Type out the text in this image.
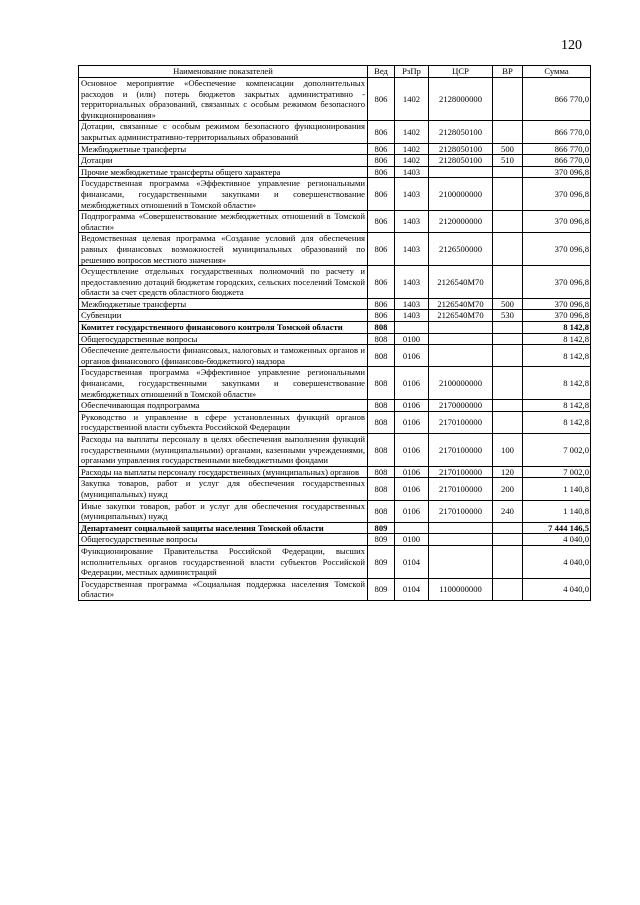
120
Наименование показателей	Вед	РзПр	ЦСР	ВР	Сумма
Основное мероприятие «Обеспечение компенсации дополнительных расходов и (или) потерь бюджетов закрытых административно - территориальных образований, связанных с особым режимом безопасного функционирования»	806	1402	2128000000		866 770,0
Дотации, связанные с особым режимом безопасного функционирования закрытых административно-территориальных образований	806	1402	2128050100		866 770,0
Межбюджетные трансферты	806	1402	2128050100	500	866 770,0
Дотации	806	1402	2128050100	510	866 770,0
Прочие межбюджетные трансферты общего характера	806	1403			370 096,8
Государственная программа «Эффективное управление региональными финансами, государственными закупками и совершенствование межбюджетных отношений в Томской области»	806	1403	2100000000		370 096,8
Подпрограмма «Совершенствование межбюджетных отношений в Томской области»	806	1403	2120000000		370 096,8
Ведомственная целевая программа «Создание условий для обеспечения равных финансовых возможностей муниципальных образований по решению вопросов местного значения»	806	1403	2126500000		370 096,8
Осуществление отдельных государственных полномочий по расчету и предоставлению дотаций бюджетам городских, сельских поселений Томской области за счет средств областного бюджета	806	1403	2126540М70		370 096,8
Межбюджетные трансферты	806	1403	2126540М70	500	370 096,8
Субвенции	806	1403	2126540М70	530	370 096,8
Комитет государственного финансового контроля Томской области	808				8 142,8
Общегосударственные вопросы	808	0100			8 142,8
Обеспечение деятельности финансовых, налоговых и таможенных органов и органов финансового (финансово-бюджетного) надзора	808	0106			8 142,8
Государственная программа «Эффективное управление региональными финансами, государственными закупками и совершенствование межбюджетных отношений в Томской области»	808	0106	2100000000		8 142,8
Обеспечивающая подпрограмма	808	0106	2170000000		8 142,8
Руководство и управление в сфере установленных функций органов государственной власти субъекта Российской Федерации	808	0106	2170100000		8 142,8
Расходы на выплаты персоналу в целях обеспечения выполнения функций государственными (муниципальными) органами, казенными учреждениями, органами управления государственными внебюджетными фондами	808	0106	2170100000	100	7 002,0
Расходы на выплаты персоналу государственных (муниципальных) органов	808	0106	2170100000	120	7 002,0
Закупка товаров, работ и услуг для обеспечения государственных (муниципальных) нужд	808	0106	2170100000	200	1 140,8
Иные закупки товаров, работ и услуг для обеспечения государственных (муниципальных) нужд	808	0106	2170100000	240	1 140,8
Департамент социальной защиты населения Томской области	809				7 444 146,5
Общегосударственные вопросы	809	0100			4 040,0
Функционирование Правительства Российской Федерации, высших исполнительных органов государственной власти субъектов Российской Федерации, местных администраций	809	0104			4 040,0
Государственная программа «Социальная поддержка населения Томской области»	809	0104	1100000000		4 040,0
